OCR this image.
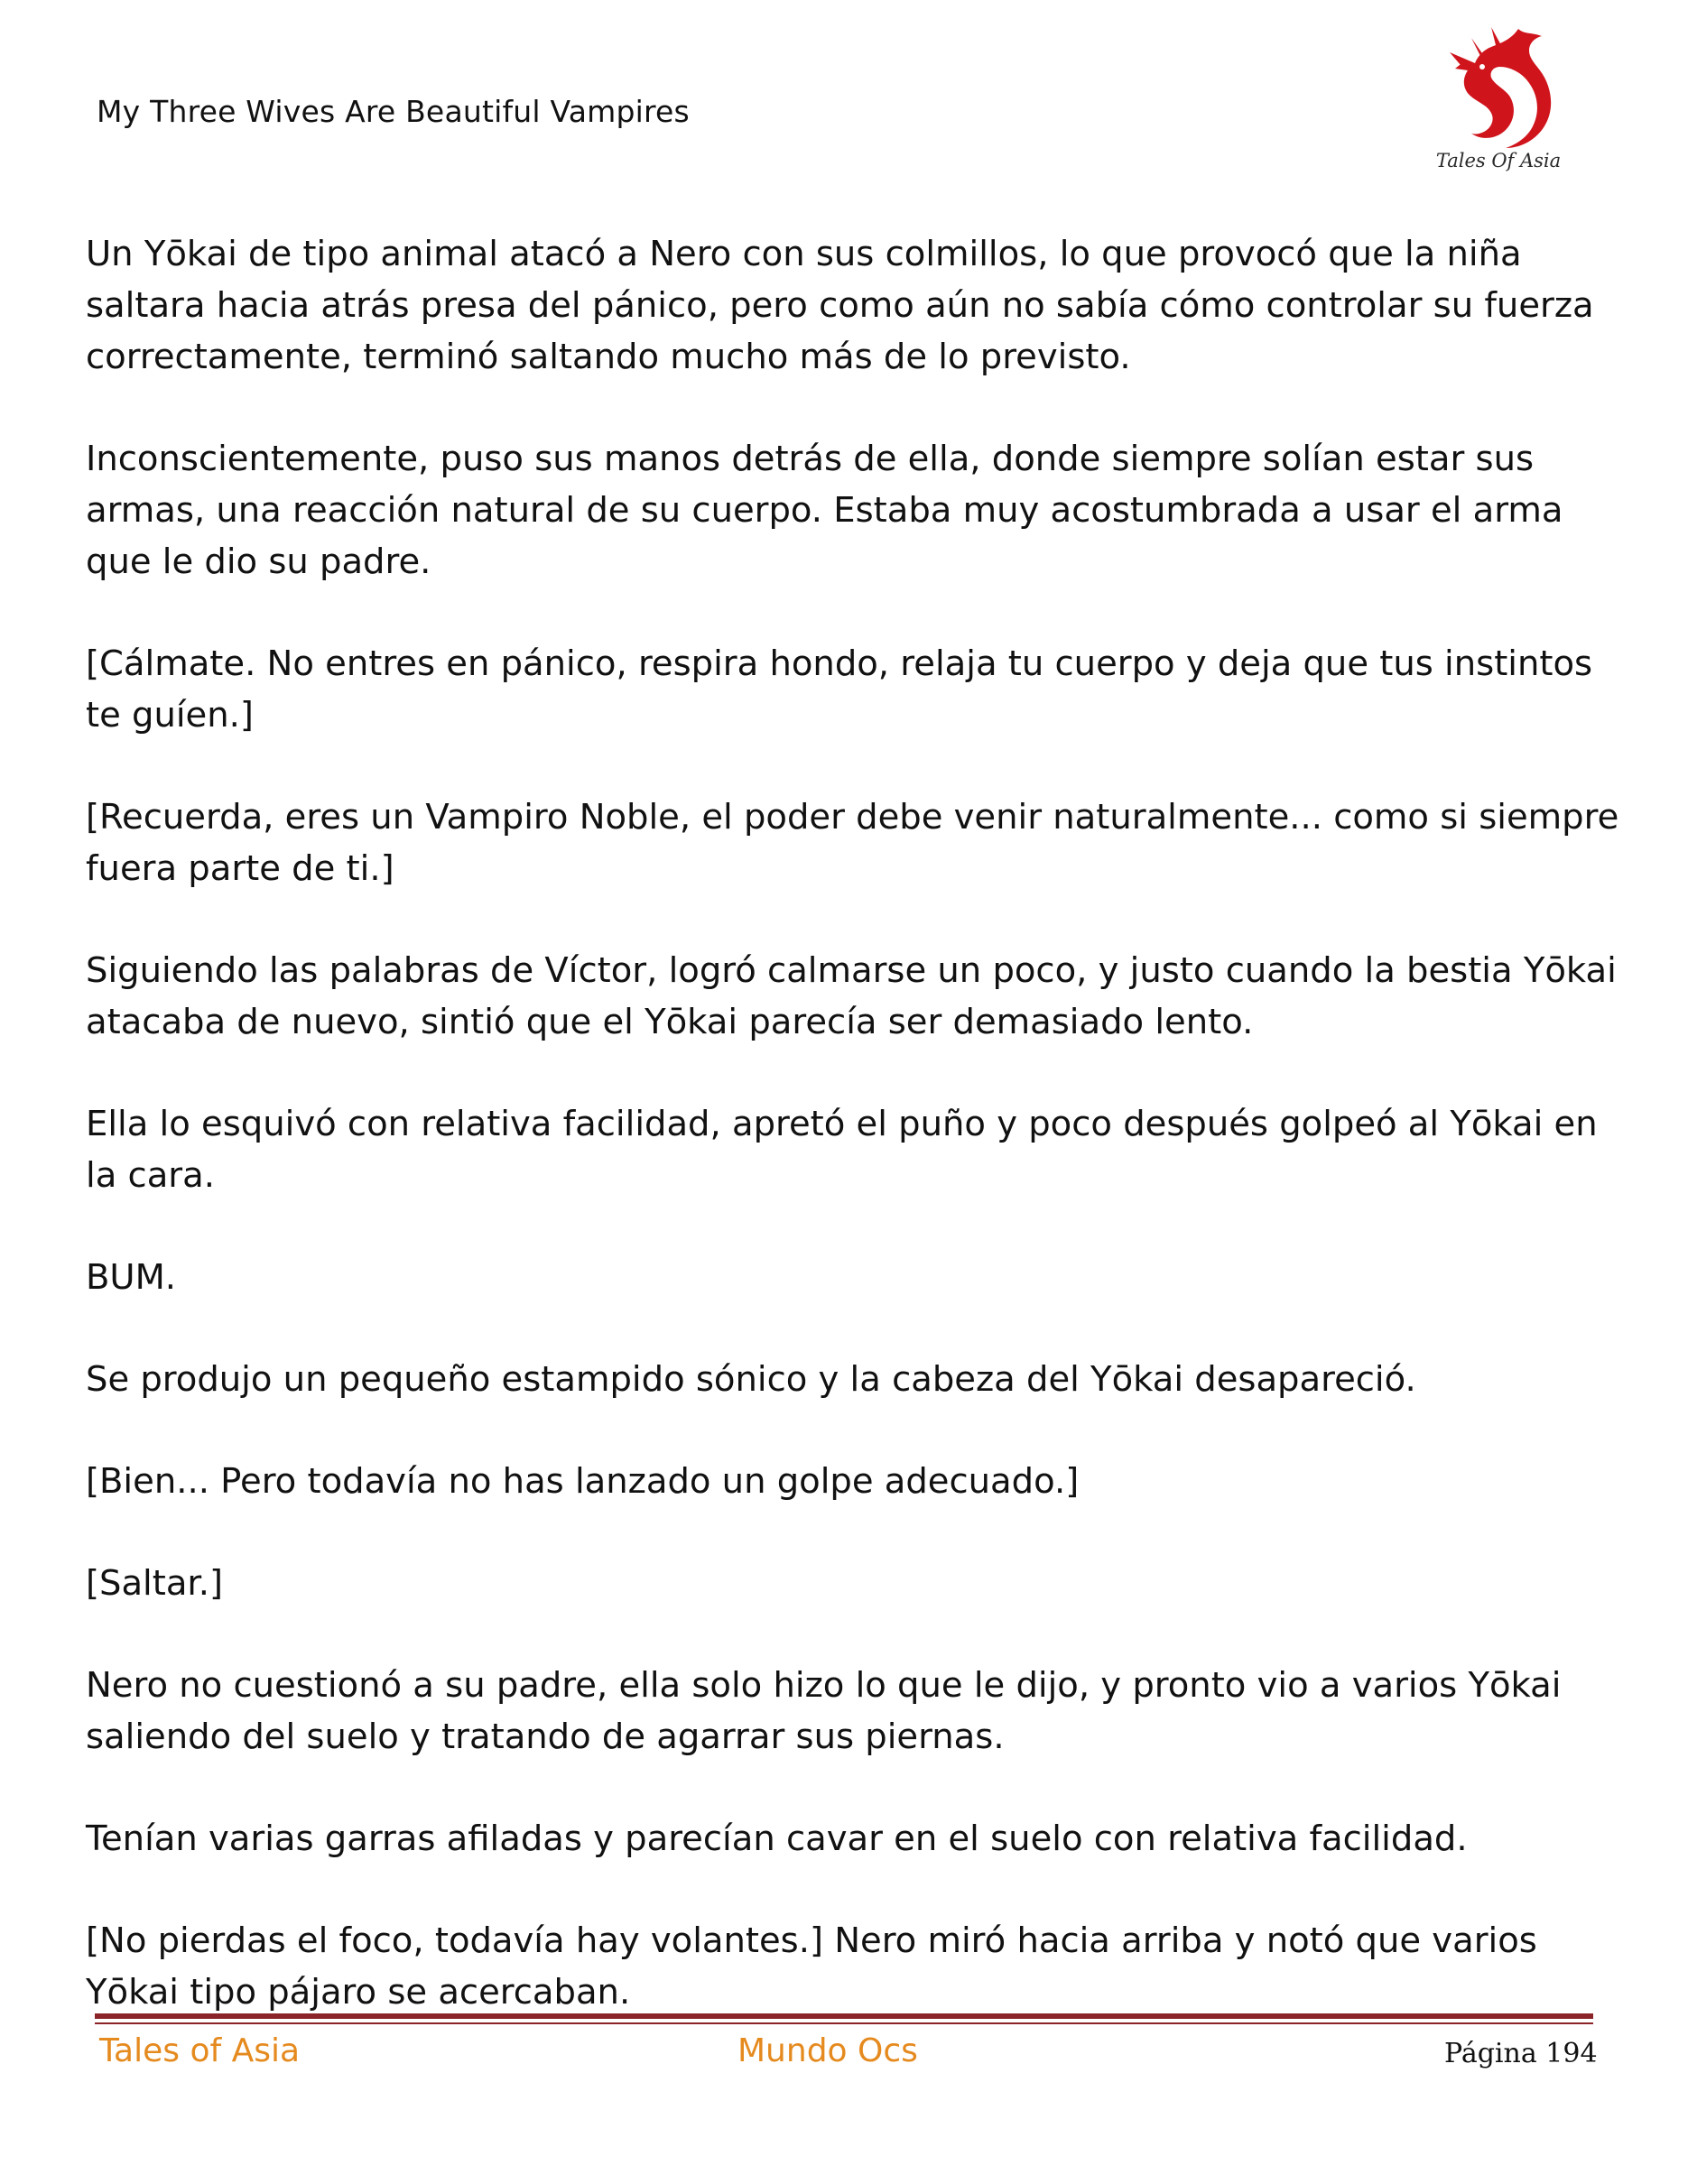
My Three Wives Are Beautiful Vampires
Tales Of Asia

Un Yōkai de tipo animal atacó a Nero con sus colmillos, lo que provocó que la niña saltara hacia atrás presa del pánico, pero como aún no sabía cómo controlar su fuerza correctamente, terminó saltando mucho más de lo previsto.

Inconscientemente, puso sus manos detrás de ella, donde siempre solían estar sus armas, una reacción natural de su cuerpo. Estaba muy acostumbrada a usar el arma que le dio su padre.

[Cálmate. No entres en pánico, respira hondo, relaja tu cuerpo y deja que tus instintos te guíen.]

[Recuerda, eres un Vampiro Noble, el poder debe venir naturalmente... como si siempre fuera parte de ti.]

Siguiendo las palabras de Víctor, logró calmarse un poco, y justo cuando la bestia Yōkai atacaba de nuevo, sintió que el Yōkai parecía ser demasiado lento.

Ella lo esquivó con relativa facilidad, apretó el puño y poco después golpeó al Yōkai en la cara.

BUM.

Se produjo un pequeño estampido sónico y la cabeza del Yōkai desapareció.

[Bien... Pero todavía no has lanzado un golpe adecuado.]

[Saltar.]

Nero no cuestionó a su padre, ella solo hizo lo que le dijo, y pronto vio a varios Yōkai saliendo del suelo y tratando de agarrar sus piernas.

Tenían varias garras afiladas y parecían cavar en el suelo con relativa facilidad.

[No pierdas el foco, todavía hay volantes.] Nero miró hacia arriba y notó que varios Yōkai tipo pájaro se acercaban.

Tales of Asia	Mundo Ocs	Página 194
